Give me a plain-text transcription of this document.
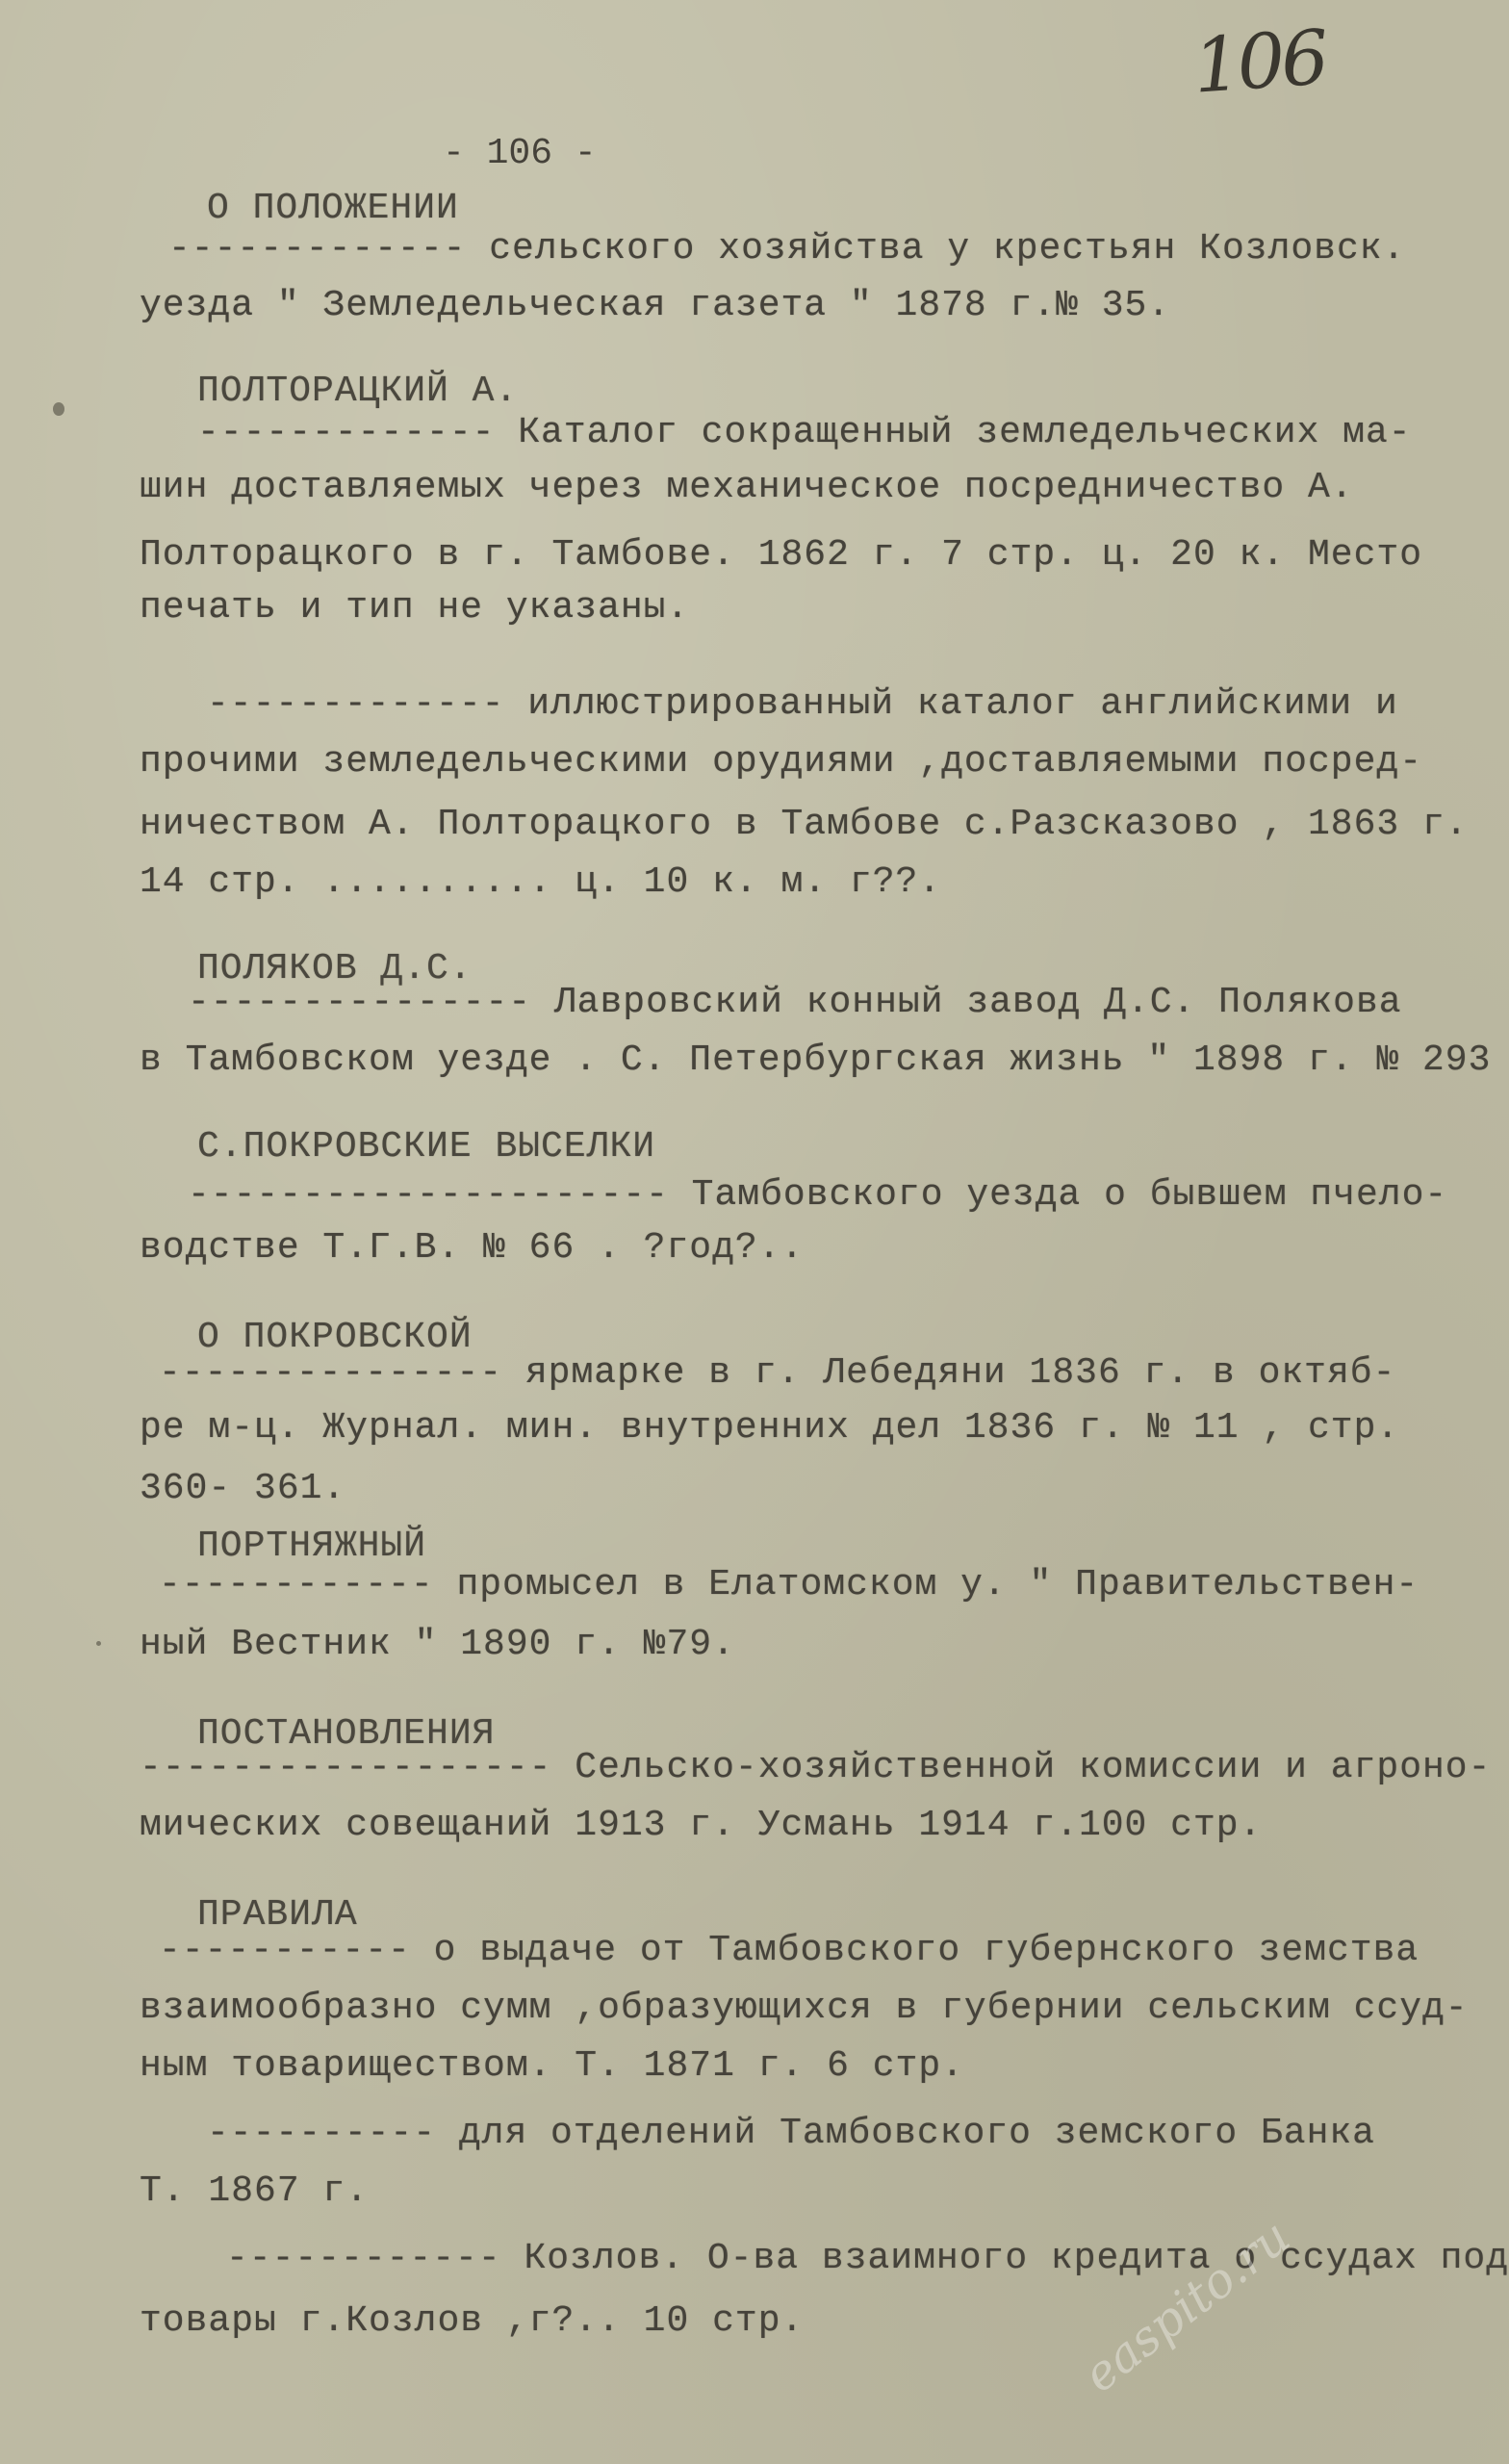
106
- 106 -
О ПОЛОЖЕНИИ
------------- сельского хозяйства у крестьян Козловск.
уезда " Земледельческая газета " 1878 г.№ 35.
ПОЛТОРАЦКИЙ А.
------------- Каталог сокращенный земледельческих ма-
шин доставляемых через механическое посредничество А.
Полторацкого в г. Тамбове. 1862 г. 7 стр. ц. 20 к. Место
печать и тип не указаны.
------------- иллюстрированный каталог английскими и
прочими земледельческими орудиями ,доставляемыми посред-
ничеством А. Полторацкого в Тамбове с.Разсказово , 1863 г.
14 стр. .......... ц. 10 к. м. г??.
ПОЛЯКОВ Д.С.
--------------- Лавровский конный завод Д.С. Полякова
в Тамбовском уезде . С. Петербургская жизнь " 1898 г. № 293
С.ПОКРОВСКИЕ ВЫСЕЛКИ
--------------------- Тамбовского уезда о бывшем пчело-
водстве Т.Г.В. № 66 . ?год?..
О ПОКРОВСКОЙ
--------------- ярмарке в г. Лебедяни 1836 г. в октяб-
ре м-ц. Журнал. мин. внутренних дел 1836 г. № 11 , стр.
360- 361.
ПОРТНЯЖНЫЙ
------------ промысел в Елатомском у. " Правительствен-
ный Вестник " 1890 г. №79.
ПОСТАНОВЛЕНИЯ
------------------ Сельско-хозяйственной комиссии и агроно-
мических совещаний 1913 г. Усмань 1914 г.100 стр.
ПРАВИЛА
----------- о выдаче от Тамбовского губернского земства
взаимообразно сумм ,образующихся в губернии сельским ссуд-
ным товариществом. Т. 1871 г. 6 стр.
---------- для отделений Тамбовского земского Банка
Т. 1867 г.
------------ Козлов. О-ва взаимного кредита о ссудах под
товары г.Козлов ,г?.. 10 стр.	easpito.ru
